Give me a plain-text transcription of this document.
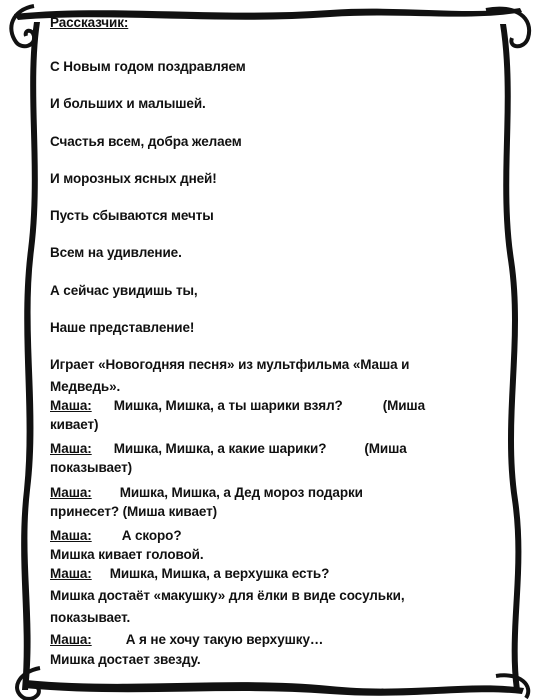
Рассказчик:

С Новым годом поздравляем

И больших и малышей.

Счастья всем, добра желаем

И морозных ясных дней!

Пусть сбываются мечты

Всем на удивление.

А сейчас увидишь ты,

Наше представление!

Играет «Новогодняя песня» из мультфильма «Маша и

Медведь».

Маша: Мишка, Мишка, а ты шарики взял?	(Миша

кивает)

Маша: Мишка, Мишка, а какие шарики?	(Миша

показывает)

Маша: Мишка, Мишка, а Дед мороз подарки

принесет? (Миша кивает)

Маша: А скоро?

Мишка кивает головой.

Маша: Мишка, Мишка, а верхушка есть?

Мишка достаёт «макушку» для ёлки в виде сосульки,

показывает.

Маша:	А я не хочу такую верхушку…

Мишка достает звезду.
